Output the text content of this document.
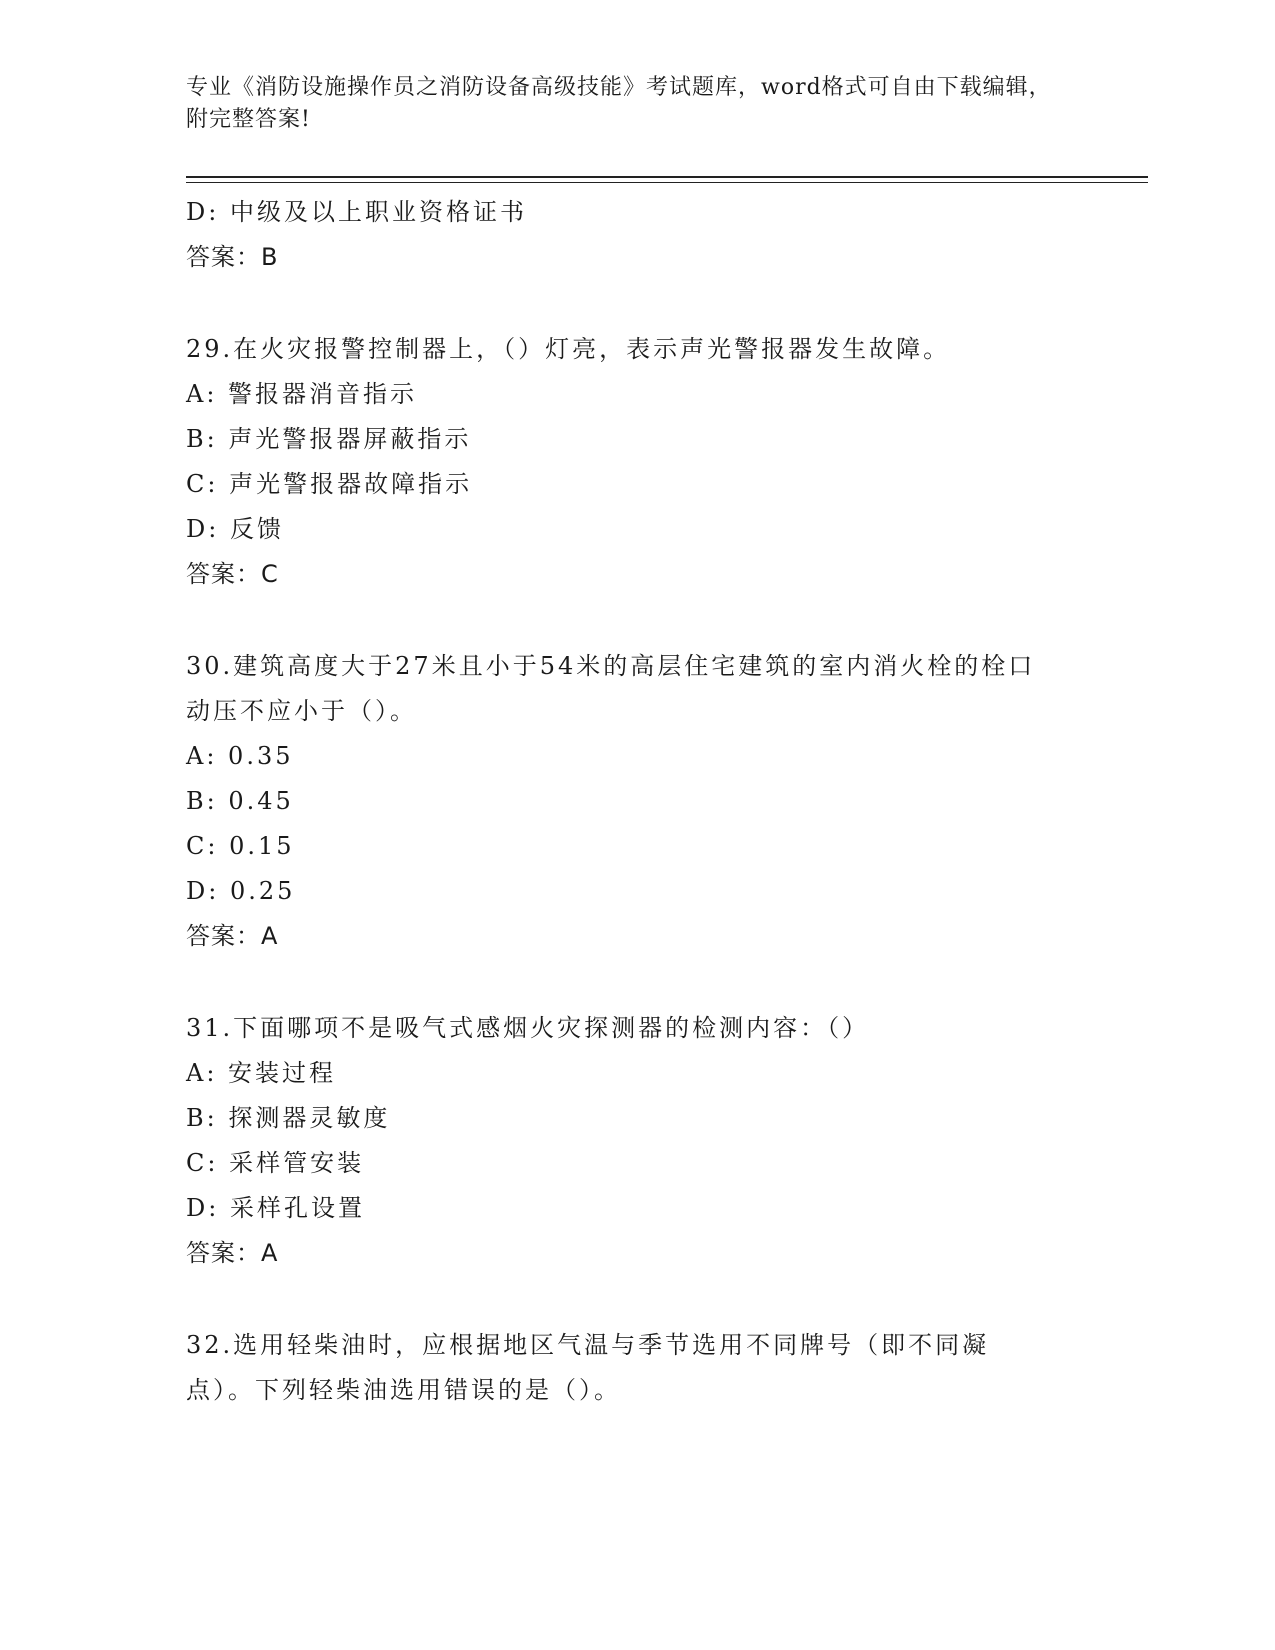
专业《消防设施操作员之消防设备高级技能》考试题库，word格式可自由下载编辑，附完整答案!
D: 中级及以上职业资格证书
答案：B
29.在火灾报警控制器上，（）灯亮，表示声光警报器发生故障。
A: 警报器消音指示
B: 声光警报器屏蔽指示
C: 声光警报器故障指示
D: 反馈
答案：C
30.建筑高度大于27米且小于54米的高层住宅建筑的室内消火栓的栓口动压不应小于（）。
A: 0.35
B: 0.45
C: 0.15
D: 0.25
答案：A
31.下面哪项不是吸气式感烟火灾探测器的检测内容：（）
A: 安装过程
B: 探测器灵敏度
C: 采样管安装
D: 采样孔设置
答案：A
32.选用轻柴油时，应根据地区气温与季节选用不同牌号（即不同凝点）。下列轻柴油选用错误的是（）。
